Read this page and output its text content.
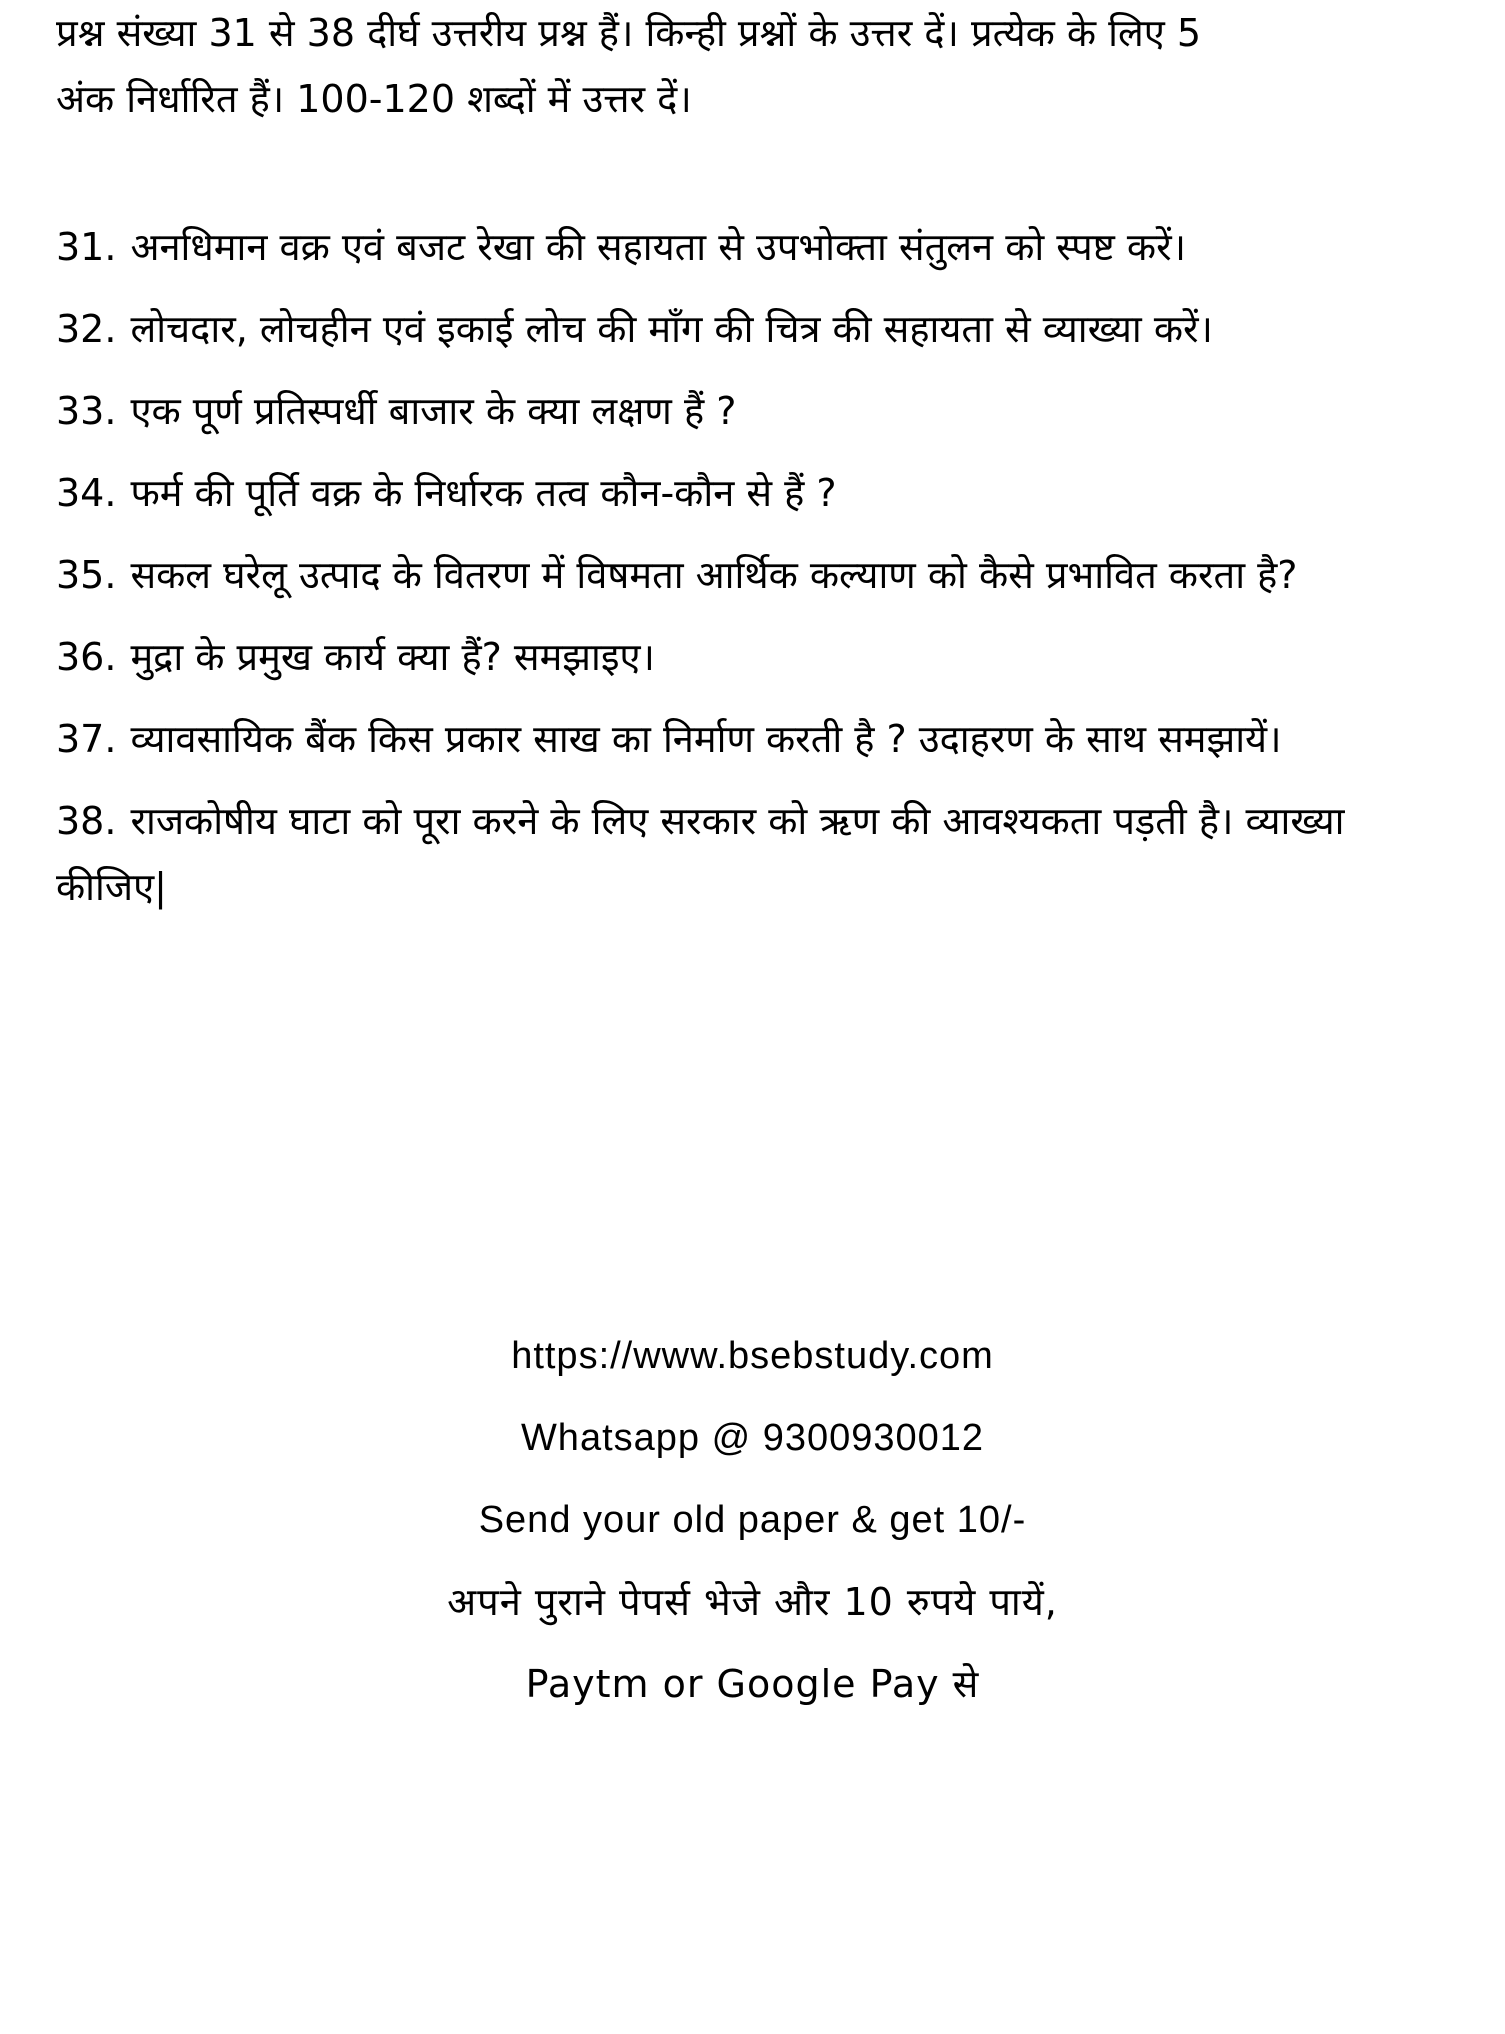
प्रश्न संख्या 31 से 38 दीर्घ उत्तरीय प्रश्न हैं। किन्ही प्रश्नों के उत्तर दें। प्रत्येक के लिए 5

अंक निर्धारित हैं। 100-120 शब्दों में उत्तर दें।

31. अनधिमान वक्र एवं बजट रेखा की सहायता से उपभोक्ता संतुलन को स्पष्ट करें।
32. लोचदार, लोचहीन एवं इकाई लोच की माँग की चित्र की सहायता से व्याख्या करें।
33. एक पूर्ण प्रतिस्पर्धी बाजार के क्या लक्षण हैं ?
34. फर्म की पूर्ति वक्र के निर्धारक तत्व कौन-कौन से हैं ?
35. सकल घरेलू उत्पाद के वितरण में विषमता आर्थिक कल्याण को कैसे प्रभावित करता है?
36. मुद्रा के प्रमुख कार्य क्या हैं? समझाइए।
37. व्यावसायिक बैंक किस प्रकार साख का निर्माण करती है ? उदाहरण के साथ समझायें।
38. राजकोषीय घाटा को पूरा करने के लिए सरकार को ऋण की आवश्यकता पड़ती है। व्याख्या कीजिए|
https://www.bsebstudy.com
Whatsapp @ 9300930012
Send your old paper & get 10/-
अपने पुराने पेपर्स भेजे और 10 रुपये पायें,
Paytm or Google Pay से
